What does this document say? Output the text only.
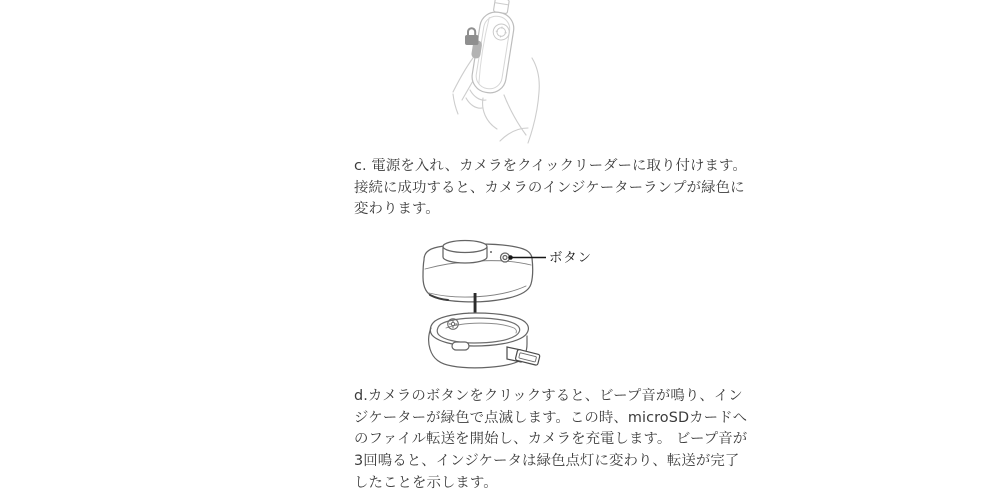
c. 電源を入れ、カメラをクイックリーダーに取り付けます。
接続に成功すると、カメラのインジケーターランプが緑色に
変わります。
ボタン
d.カメラのボタンをクリックすると、ビープ音が鳴り、イン
ジケーターが緑色で点滅します。この時、microSDカードへ
のファイル転送を開始し、カメラを充電します。 ビープ音が
3回鳴ると、インジケータは緑色点灯に変わり、転送が完了
したことを示します。
